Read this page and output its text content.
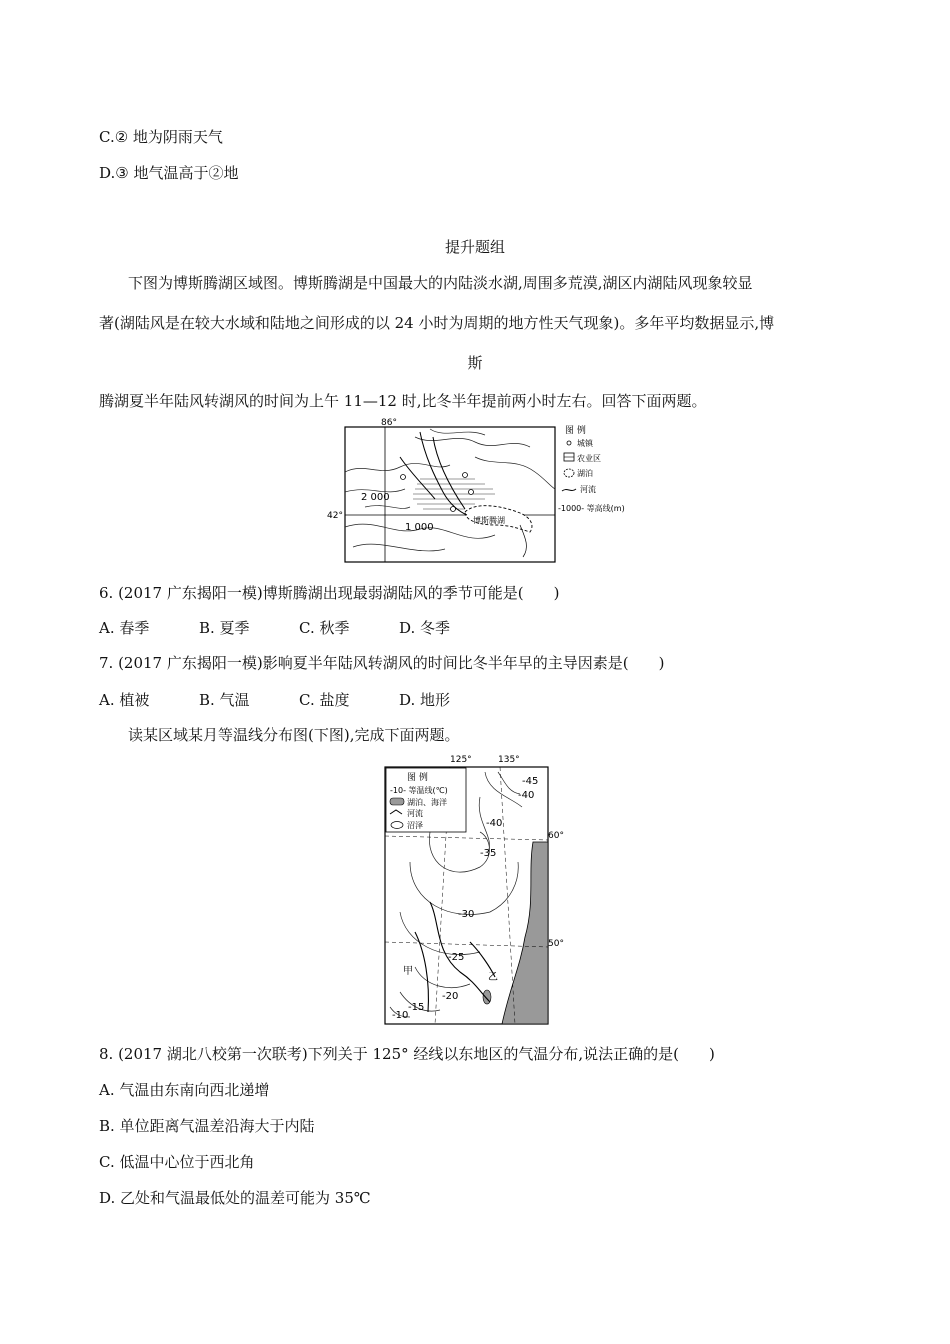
C.② 地为阴雨天气
D.③ 地气温高于②地
提升题组
下图为博斯腾湖区域图。博斯腾湖是中国最大的内陆淡水湖,周围多荒漠,湖区内湖陆风现象较显
著(湖陆风是在较大水域和陆地之间形成的以 24 小时为周期的地方性天气现象)。多年平均数据显示,博
斯
腾湖夏半年陆风转湖风的时间为上午 11—12 时,比冬半年提前两小时左右。回答下面两题。
86°
42°
2 000
1 000
博斯腾湖
图 例
城镇
农业区
湖泊
河流
-1000- 等高线(m)
6. (2017 广东揭阳一模)博斯腾湖出现最弱湖陆风的季节可能是(　　)
A. 春季	B. 夏季	C. 秋季	D. 冬季
7. (2017 广东揭阳一模)影响夏半年陆风转湖风的时间比冬半年早的主导因素是(　　)
A. 植被	B. 气温	C. 盐度	D. 地形
读某区域某月等温线分布图(下图),完成下面两题。
125°	135°
60°
50°
-45
-40
-40
-35
-30
-25
-20
-15
-10
甲
乙
图 例
-10- 等温线(℃)
湖泊、海洋
河流
沼泽
8. (2017 湖北八校第一次联考)下列关于 125° 经线以东地区的气温分布,说法正确的是(　　)
A. 气温由东南向西北递增
B. 单位距离气温差沿海大于内陆
C. 低温中心位于西北角
D. 乙处和气温最低处的温差可能为 35℃
